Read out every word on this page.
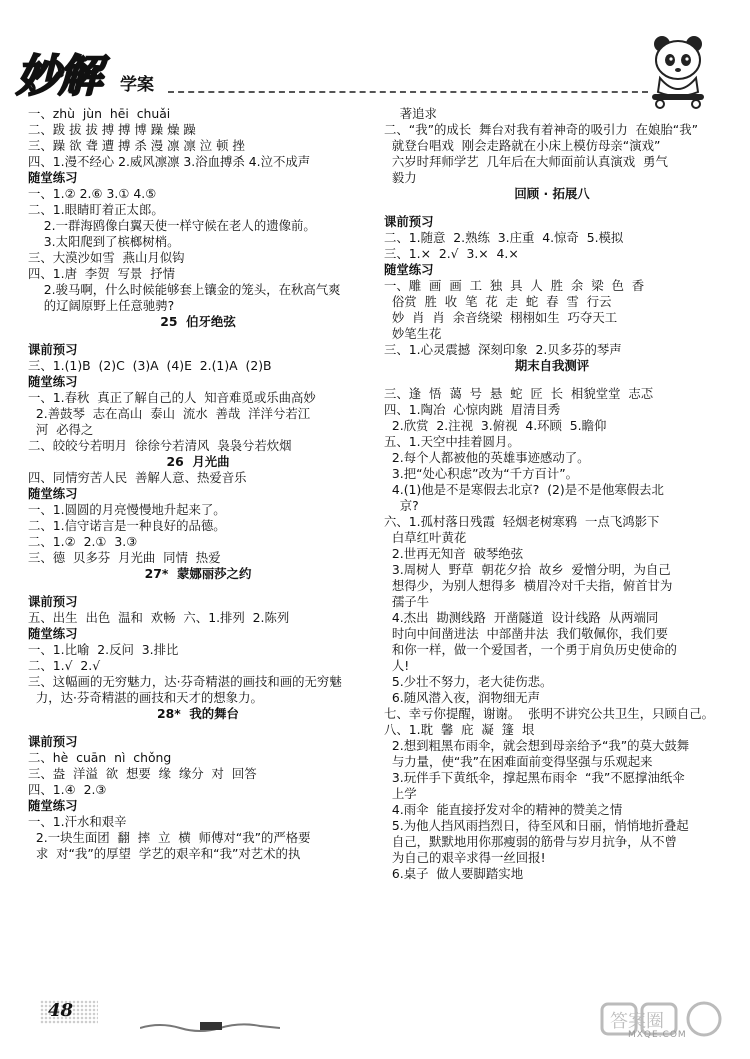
妙解 学案
一、zhù  jùn  hēi  chuǎi
二、跋 拔 拔 搏 搏 博 躁 燥 躁
三、躁 欲 聋 遭 搏 杀 漫 凛 凛 泣 顿 挫
四、1.漫不经心 2.威风凛凛 3.浴血搏杀 4.泣不成声
随堂练习
一、1.② 2.⑥ 3.① 4.⑤
二、1.眼睛盯着正太郎。
2.一群海鸥像白翼天使一样守候在老人的遗像前。
3.太阳爬到了槟榔树梢。
三、大漠沙如雪  燕山月似钩
四、1.唐  李贺  写景  抒情
2.骏马啊，什么时候能够套上镶金的笼头，在秋高气爽
的辽阔原野上任意驰骋?
25  伯牙绝弦
课前预习
三、1.(1)B  (2)C  (3)A  (4)E  2.(1)A  (2)B
随堂练习
一、1.春秋  真正了解自己的人  知音难觅或乐曲高妙
2.善鼓琴  志在高山  泰山  流水  善哉  洋洋兮若江
河  必得之
二、皎皎兮若明月  徐徐兮若清风  袅袅兮若炊烟
26  月光曲
四、同情穷苦人民  善解人意、热爱音乐
随堂练习
一、1.圆圆的月亮慢慢地升起来了。
二、1.信守诺言是一种良好的品德。
二、1.②  2.①  3.③
三、德  贝多芬  月光曲  同情  热爱
27*  蒙娜丽莎之约
课前预习
五、出生  出色  温和  欢畅  六、1.排列  2.陈列
随堂练习
一、1.比喻  2.反问  3.排比
二、1.√  2.√
三、这幅画的无穷魅力，达·芬奇精湛的画技和画的无穷魅
力，达·芬奇精湛的画技和天才的想象力。
28*  我的舞台
课前预习
二、hè  cuān  nì  chǒng
三、盎  洋溢  欲  想要  缘  缘分  对  回答
四、1.④  2.③
随堂练习
一、1.汗水和艰辛
2.一块生面团  翻  摔  立  横  师傅对“我”的严格要
求  对“我”的厚望  学艺的艰辛和“我”对艺术的执
著追求
二、“我”的成长  舞台对我有着神奇的吸引力  在娘胎“我”
就登台唱戏  刚会走路就在小床上模仿母亲“演戏”
六岁时拜师学艺  几年后在大师面前认真演戏  勇气
毅力
回顾 · 拓展八
课前预习
二、1.随意  2.熟练  3.庄重  4.惊奇  5.模拟
三、1.×  2.√  3.×  4.×
随堂练习
一、雕  画  画  工  独  具  人  胜  余  梁  色  香
俗赏  胜  收  笔  花  走  蛇  春  雪  行云
妙  肖  肖  余音绕梁  栩栩如生  巧夺天工
妙笔生花
三、1.心灵震撼  深刻印象  2.贝多芬的琴声
期末自我测评
三、逢  悟  蔼  号  悬  蛇  匠  长  相貌堂堂  志忑
四、1.陶冶  心惊肉跳  眉清目秀
2.欣赏  2.注视  3.俯视  4.环顾  5.瞻仰
五、1.天空中挂着圆月。
2.每个人都被他的英雄事迹感动了。
3.把“处心积虑”改为“千方百计”。
4.(1)他是不是寒假去北京?  (2)是不是他寒假去北
京?
六、1.孤村落日残霞  轻烟老树寒鸦  一点飞鸿影下
白草红叶黄花
2.世再无知音  破琴绝弦
3.周树人  野草  朝花夕拾  故乡  爱憎分明，为自己
想得少，为别人想得多  横眉冷对千夫指，俯首甘为
孺子牛
4.杰出  勘测线路  开凿隧道  设计线路  从两端同
时向中间凿进法  中部凿井法  我们敬佩你，我们要
和你一样，做一个爱国者，一个勇于肩负历史使命的
人!
5.少壮不努力，老大徒伤悲。
6.随风潜入夜，润物细无声
七、幸亏你提醒，谢谢。  张明不讲究公共卫生，只顾自己。
八、1.耽  馨  庇  凝  篷  垠
2.想到粗黑布雨伞，就会想到母亲给予“我”的莫大鼓舞
与力量，使“我”在困难面前变得坚强与乐观起来
3.玩伴手下黄纸伞，撑起黑布雨伞  “我”不愿撑油纸伞
上学
4.雨伞  能直接抒发对伞的精神的赞美之情
5.为他人挡风雨挡烈日，待至风和日丽，悄悄地折叠起
自己，默默地用你那瘦弱的筋骨与岁月抗争，从不曾
为自己的艰辛求得一丝回报!
6.桌子  做人要脚踏实地
48
答案圈
MXQE.COM
